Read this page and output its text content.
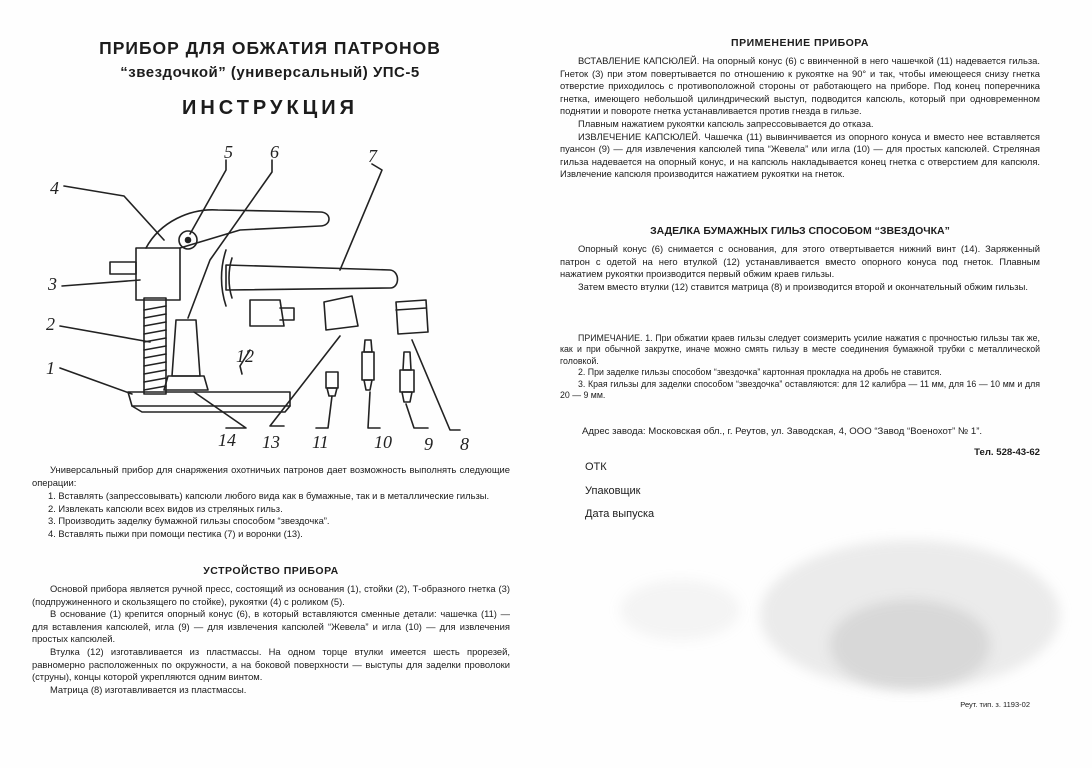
ПРИБОР ДЛЯ ОБЖАТИЯ ПАТРОНОВ
“звездочкой” (универсальный) УПС-5
ИНСТРУКЦИЯ
1
2
3
4
5 6	7
8
9
10
11
12
13
14

Универсальный прибор для снаряжения охотничьих патронов дает возможность выполнять следующие операции:

1. Вставлять (запрессовывать) капсюли любого вида как в бумажные, так и в металлические гильзы.

2. Извлекать капсюли всех видов из стреляных гильз.

3. Производить заделку бумажной гильзы способом “звездочка”.

4. Вставлять пыжи при помощи пестика (7) и воронки (13).

УСТРОЙСТВО ПРИБОРА

Основой прибора является ручной пресс, состоящий из основания (1), стойки (2), Т-образного гнетка (3) (подпружиненного и скользящего по стойке), рукоятки (4) с роликом (5).

В основание (1) крепится опорный конус (6), в который вставляются сменные детали: чашечка (11) — для вставления капсюлей, игла (9) — для извлечения капсюлей “Жевела” и игла (10) — для извлечения простых капсюлей.

Втулка (12) изготавливается из пластмассы. На одном торце втулки имеется шесть прорезей, равномерно расположенных по окружности, а на боковой поверхности — выступы для заделки проволоки (струны), концы которой укрепляются одним винтом.

Матрица (8) изготавливается из пластмассы.

ПРИМЕНЕНИЕ ПРИБОРА

ВСТАВЛЕНИЕ КАПСЮЛЕЙ. На опорный конус (6) с ввинченной в него чашечкой (11) надевается гильза. Гнеток (3) при этом повертывается по отношению к рукоятке на 90° и так, чтобы имеющееся снизу гнетка отверстие приходилось с противоположной стороны от работающего на приборе. Под конец поперечника гнетка, имеющего небольшой цилиндрический выступ, подводится капсюль, который при одновременном поднятии и повороте гнетка устанавливается против гнезда в гильзе.

Плавным нажатием рукоятки капсюль запрессовывается до отказа.

ИЗВЛЕЧЕНИЕ КАПСЮЛЕЙ. Чашечка (11) вывинчивается из опорного конуса и вместо нее вставляется пуансон (9) — для извлечения капсюлей типа “Жевела” или игла (10) — для простых капсюлей. Стреляная гильза надевается на опорный конус, и на капсюль накладывается конец гнетка с отверстием для капсюля. Извлечение капсюля производится нажатием рукоятки на гнеток.

ЗАДЕЛКА БУМАЖНЫХ ГИЛЬЗ СПОСОБОМ “ЗВЕЗДОЧКА”

Опорный конус (6) снимается с основания, для этого отвертывается нижний винт (14). Заряженный патрон с одетой на него втулкой (12) устанавливается вместо опорного конуса под гнеток. Плавным нажатием рукоятки производится первый обжим краев гильзы.

Затем вместо втулки (12) ставится матрица (8) и производится второй и окончательный обжим гильзы.

ПРИМЕЧАНИЕ. 1. При обжатии краев гильзы следует соизмерить усилие нажатия с прочностью гильзы так же, как и при обычной закрутке, иначе можно смять гильзу в месте соединения бумажной трубки с металлической головкой.

2. При заделке гильзы способом “звездочка” картонная прокладка на дробь не ставится.

3. Края гильзы для заделки способом “звездочка” оставляются: для 12 калибра — 11 мм, для 16 — 10 мм и для 20 — 9 мм.

Адрес завода: Московская обл., г. Реутов, ул. Заводская, 4, ООО “Завод “Военохот” № 1”.
Тел. 528-43-62
ОТК
Упаковщик
Дата выпуска
Реут. тип. з. 1193-02
